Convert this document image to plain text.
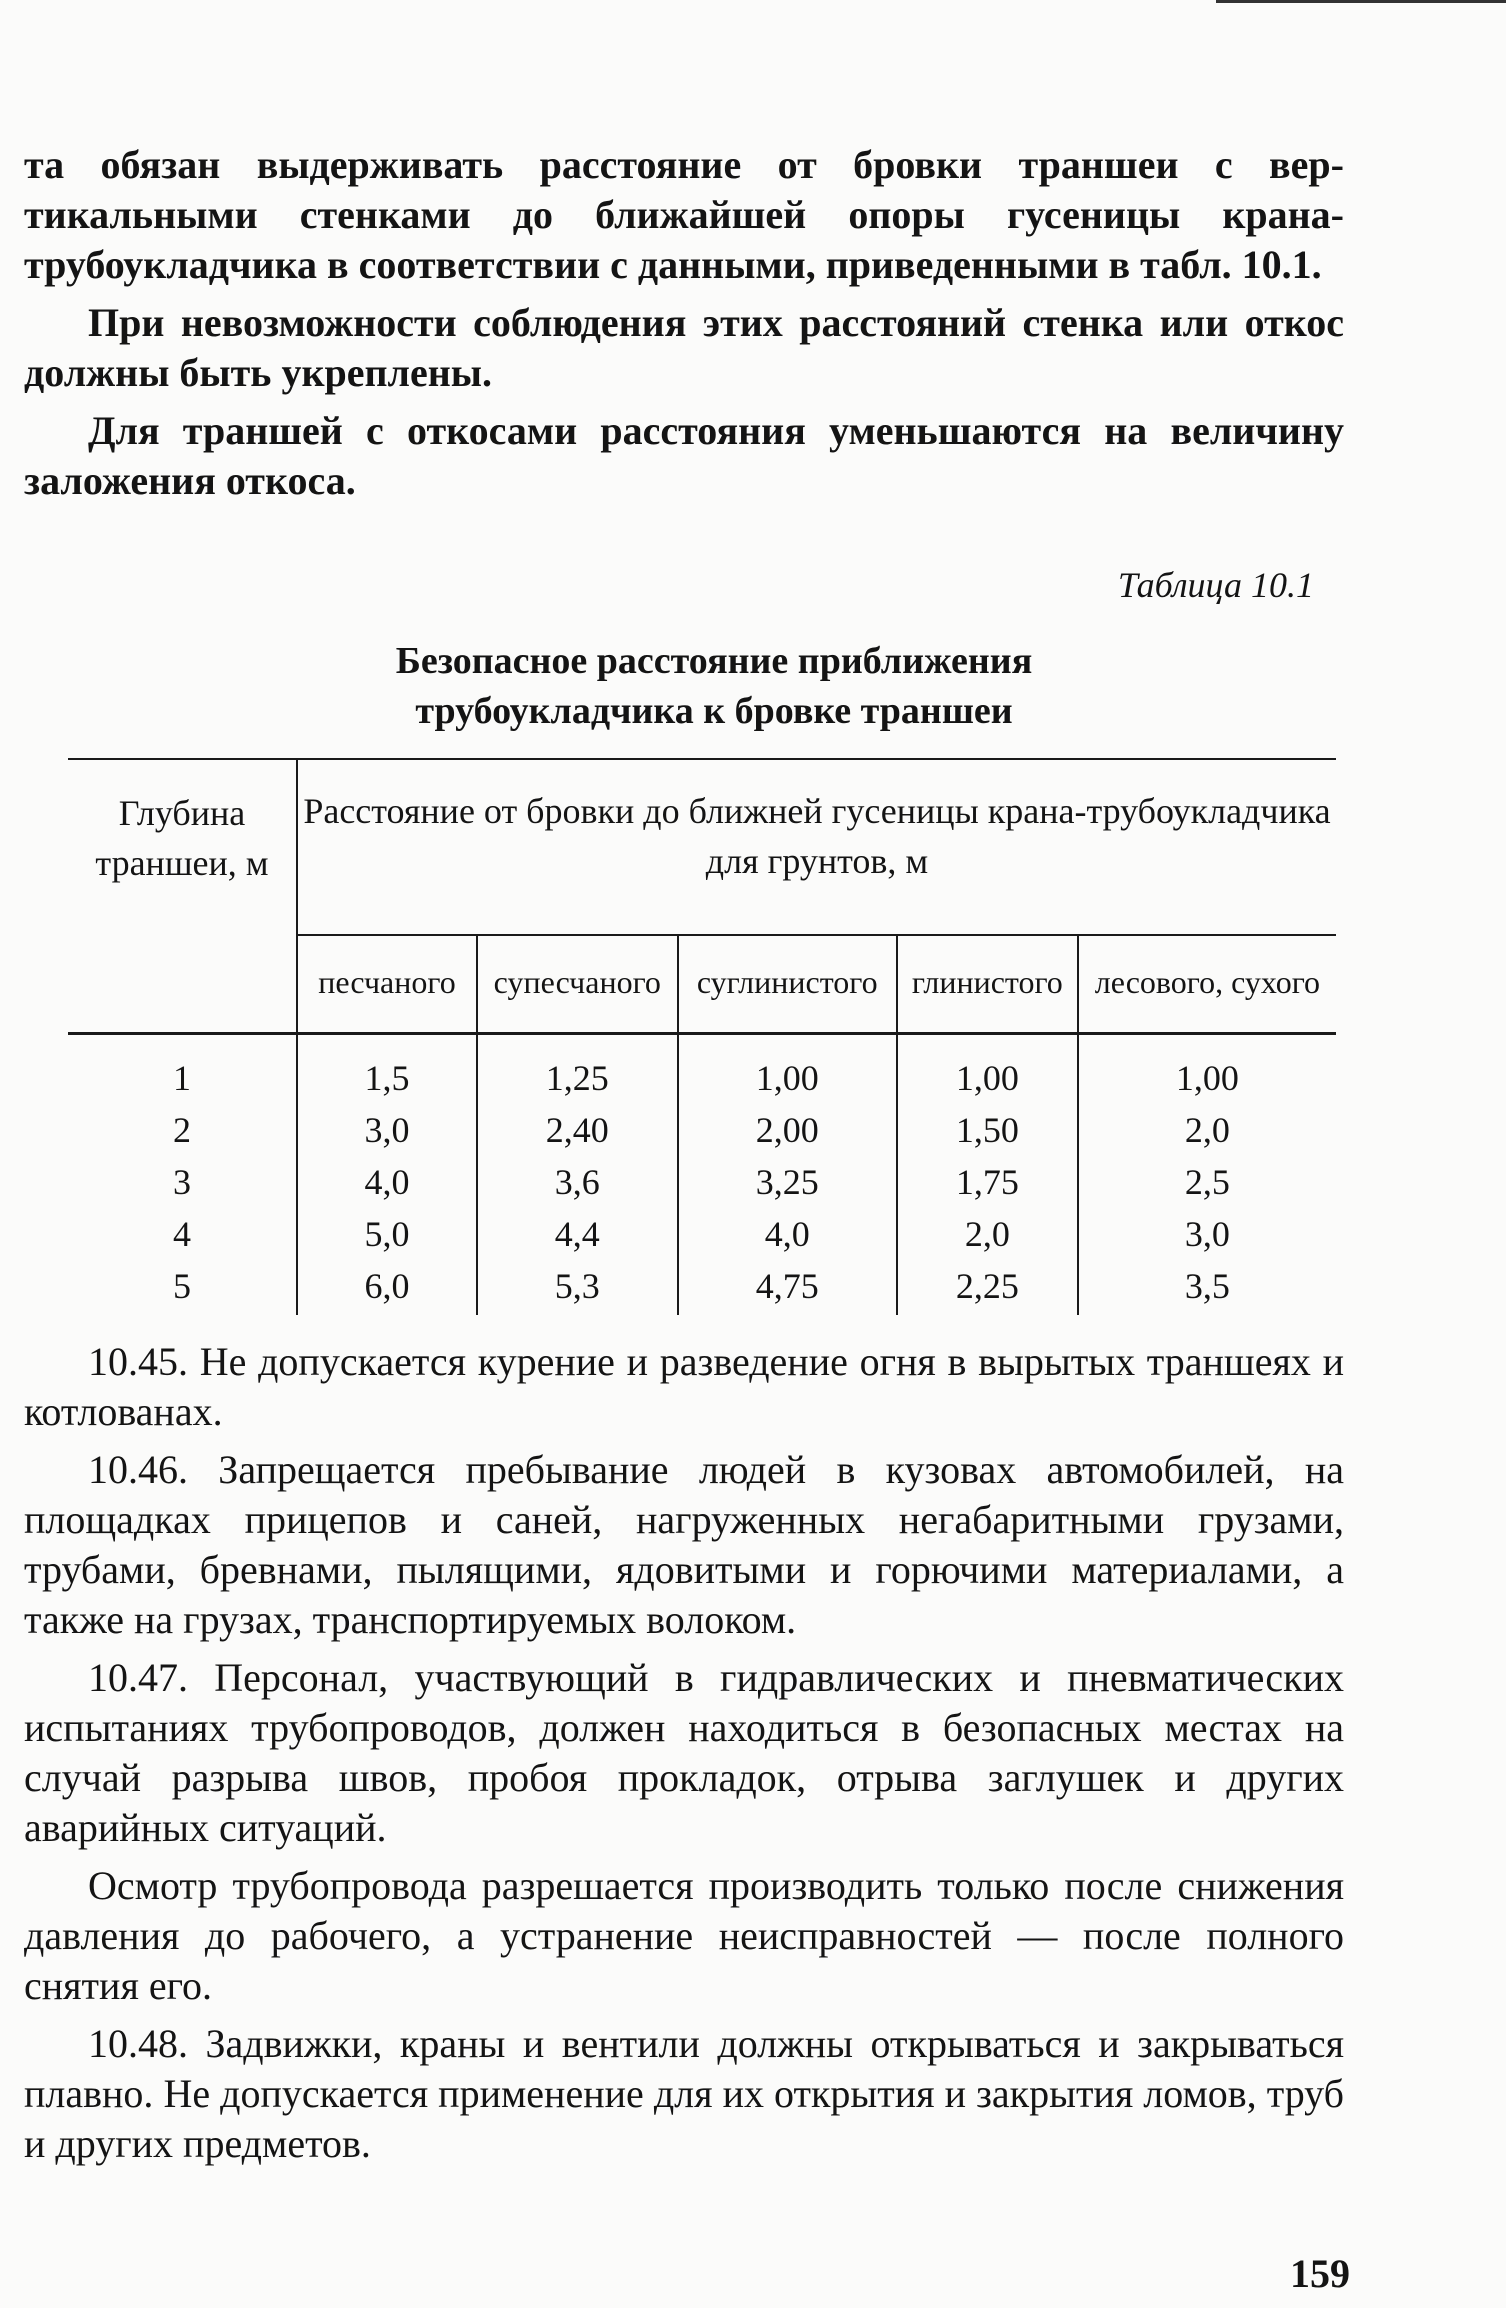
та обязан выдерживать расстояние от бровки траншеи с вертикальными стенками до ближайшей опоры гусеницы крана-трубоукладчика в соответствии с данными, приведенными в табл. 10.1.

При невозможности соблюдения этих расстояний стенка или откос должны быть укреплены.

Для траншей с откосами расстояния уменьшаются на величину заложения откоса.

Таблица 10.1

Безопасное расстояние приближения
трубоукладчика к бровке траншеи
Глубина траншеи, м	Расстояние от бровки до ближней гусеницы крана-трубоукладчика для грунтов, м				
	песчаного	супесчаного	суглинистого	глинистого	лесового, сухого
1	1,5	1,25	1,00	1,00	1,00
2	3,0	2,40	2,00	1,50	2,0
3	4,0	3,6	3,25	1,75	2,5
4	5,0	4,4	4,0	2,0	3,0
5	6,0	5,3	4,75	2,25	3,5

10.45. Не допускается курение и разведение огня в вырытых траншеях и котлованах.

10.46. Запрещается пребывание людей в кузовах автомобилей, на площадках прицепов и саней, нагруженных негабаритными грузами, трубами, бревнами, пылящими, ядовитыми и горючими материалами, а также на грузах, транспортируемых волоком.

10.47. Персонал, участвующий в гидравлических и пневматических испытаниях трубопроводов, должен находиться в безопасных местах на случай разрыва швов, пробоя прокладок, отрыва заглушек и других аварийных ситуаций.

Осмотр трубопровода разрешается производить только после снижения давления до рабочего, а устранение неисправностей — после полного снятия его.

10.48. Задвижки, краны и вентили должны открываться и закрываться плавно. Не допускается применение для их открытия и закрытия ломов, труб и других предметов.

159
